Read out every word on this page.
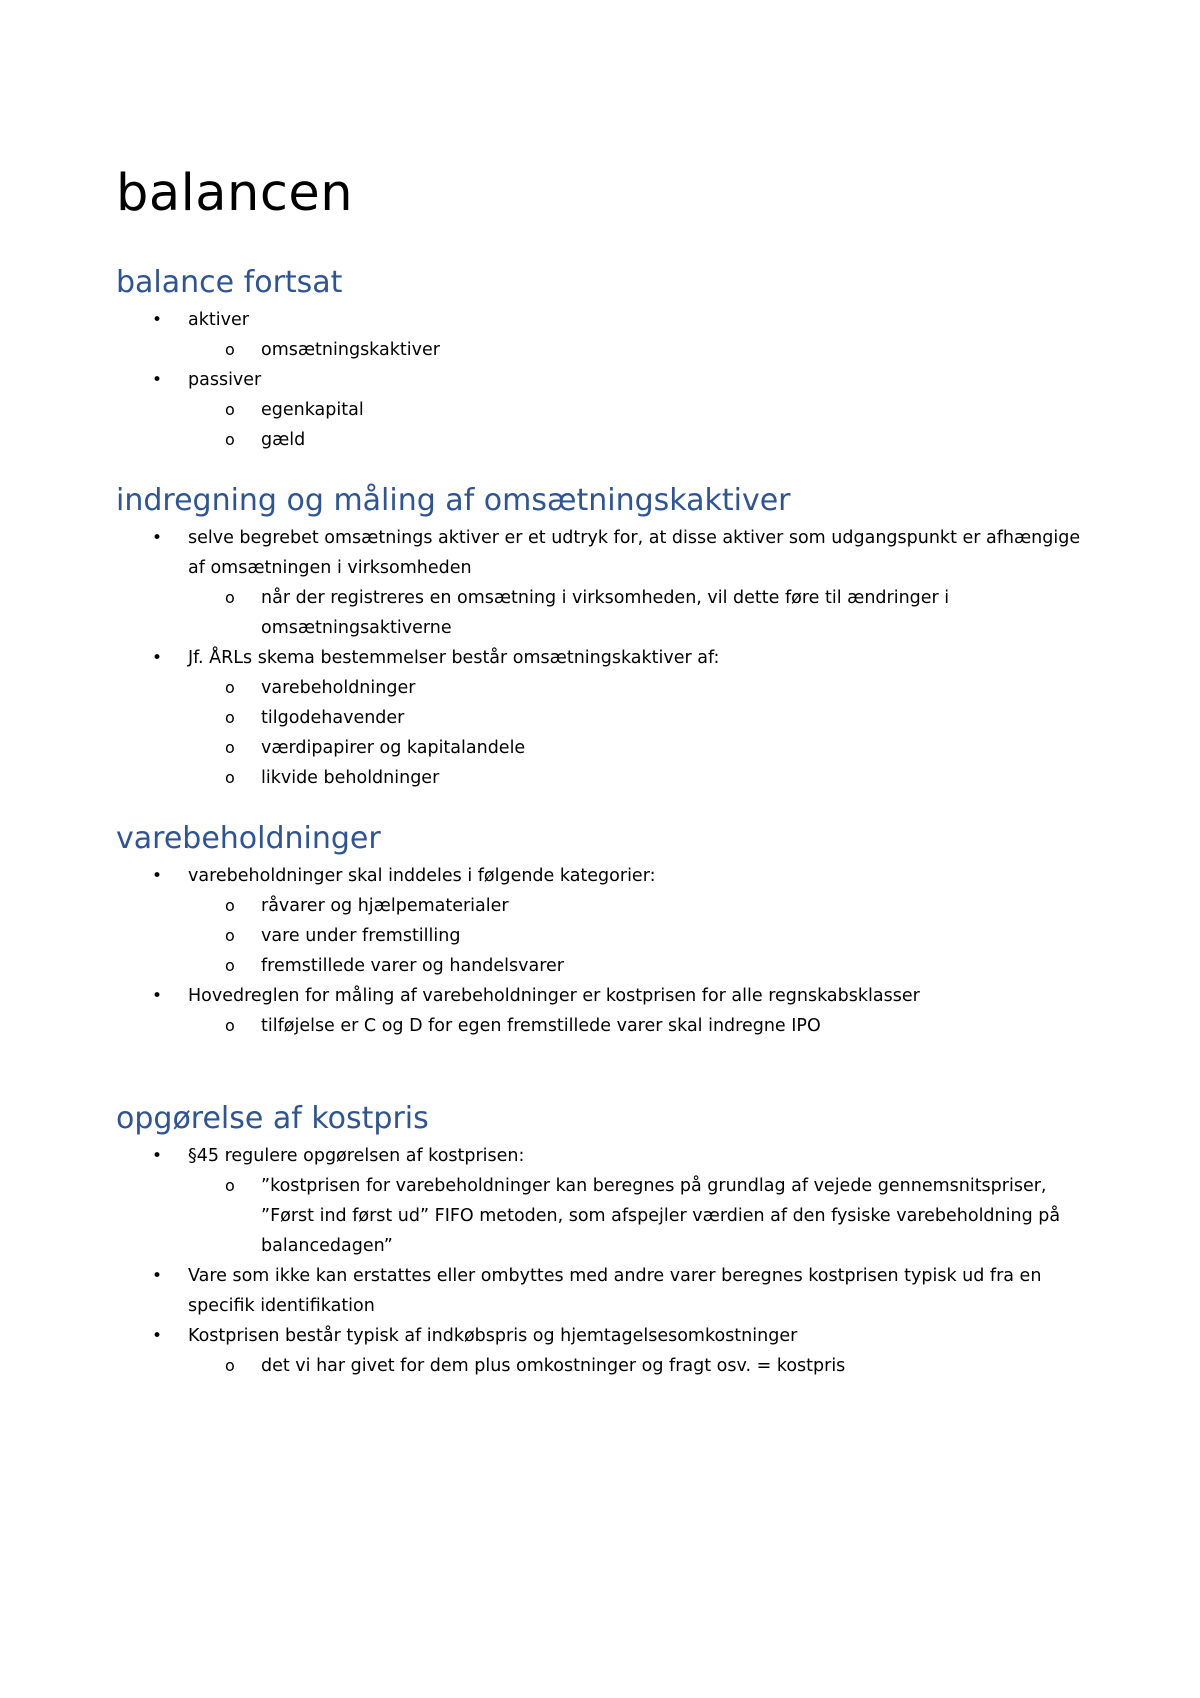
balancen
balance fortsat
• aktiver
o omsætningskaktiver
• passiver
o egenkapital
o gæld
indregning og måling af omsætningskaktiver
• selve begrebet omsætnings aktiver er et udtryk for, at disse aktiver som udgangspunkt er afhængige af omsætningen i virksomheden
o når der registreres en omsætning i virksomheden, vil dette føre til ændringer i omsætningsaktiverne
• Jf. ÅRLs skema bestemmelser består omsætningskaktiver af:
o varebeholdninger
o tilgodehavender
o værdipapirer og kapitalandele
o likvide beholdninger
varebeholdninger
• varebeholdninger skal inddeles i følgende kategorier:
o råvarer og hjælpematerialer
o vare under fremstilling
o fremstillede varer og handelsvarer
• Hovedreglen for måling af varebeholdninger er kostprisen for alle regnskabsklasser
o tilføjelse er C og D for egen fremstillede varer skal indregne IPO
opgørelse af kostpris
• §45 regulere opgørelsen af kostprisen:
o ”kostprisen for varebeholdninger kan beregnes på grundlag af vejede gennemsnitspriser, ”Først ind først ud” FIFO metoden, som afspejler værdien af den fysiske varebeholdning på balancedagen”
• Vare som ikke kan erstattes eller ombyttes med andre varer beregnes kostprisen typisk ud fra en specifik identifikation
• Kostprisen består typisk af indkøbspris og hjemtagelsesomkostninger
o det vi har givet for dem plus omkostninger og fragt osv. = kostpris
